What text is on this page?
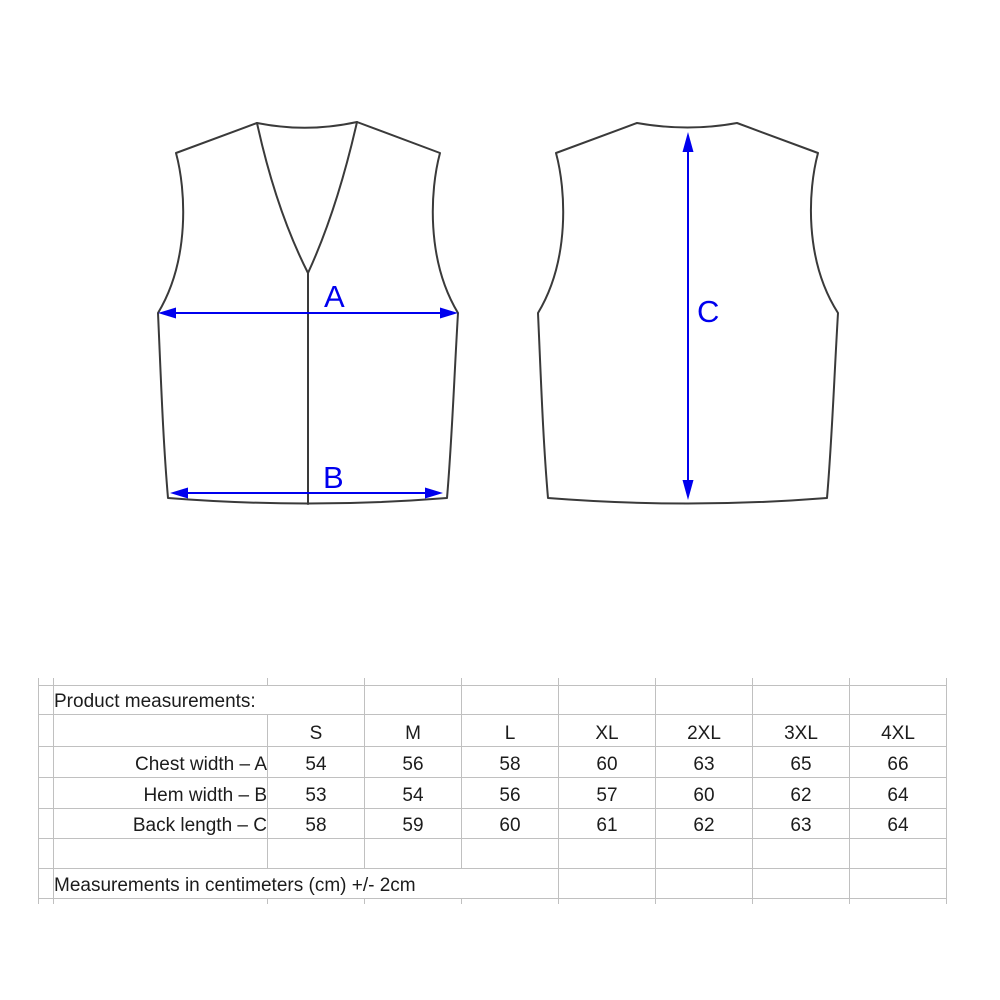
A
B
C

	Product measurements:							
		S	M	L	XL	2XL	3XL	4XL
	Chest width – A	54	56	58	60	63	65	66
	Hem width – B	53	54	56	57	60	62	64
	Back length – C	58	59	60	61	62	63	64

	Measurements in centimeters (cm) +/- 2cm							
